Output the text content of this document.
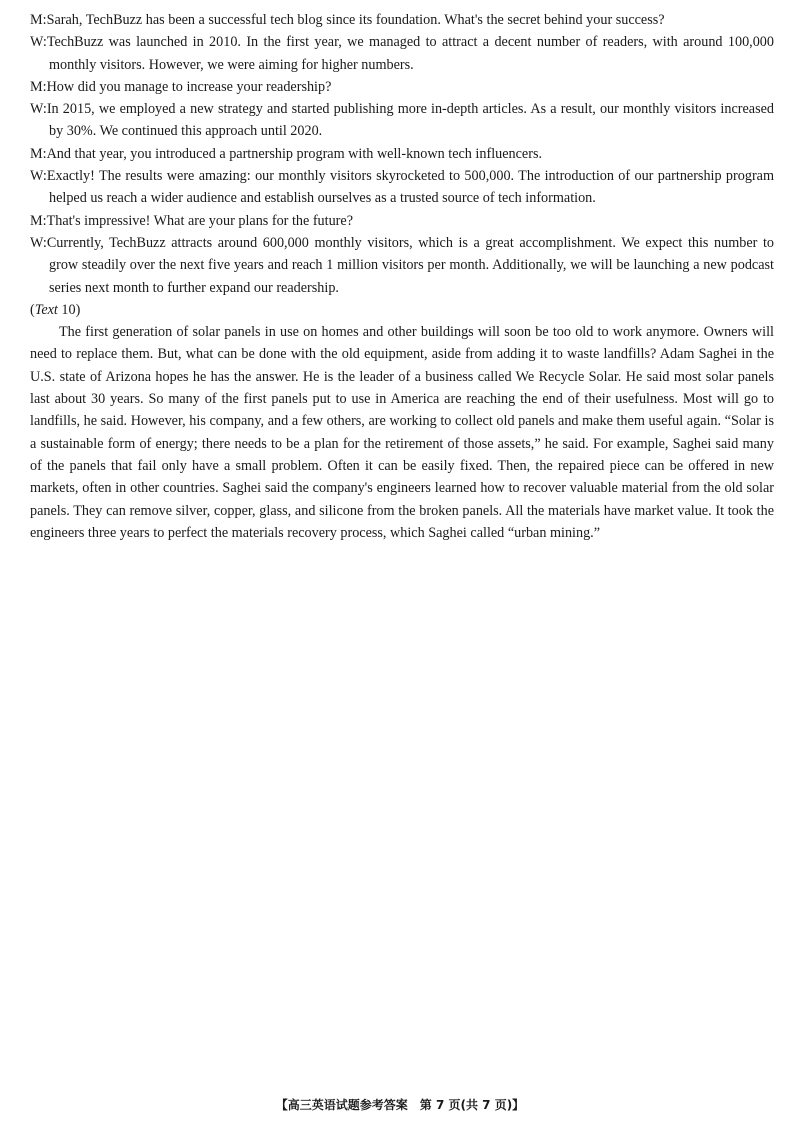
M:Sarah, TechBuzz has been a successful tech blog since its foundation. What's the secret behind your success?

W:TechBuzz was launched in 2010. In the first year, we managed to attract a decent number of readers, with around 100,000 monthly visitors. However, we were aiming for higher numbers.

M:How did you manage to increase your readership?

W:In 2015, we employed a new strategy and started publishing more in-depth articles. As a result, our monthly visitors increased by 30%. We continued this approach until 2020.

M:And that year, you introduced a partnership program with well-known tech influencers.

W:Exactly! The results were amazing: our monthly visitors skyrocketed to 500,000. The introduction of our partnership program helped us reach a wider audience and establish ourselves as a trusted source of tech information.

M:That's impressive! What are your plans for the future?

W:Currently, TechBuzz attracts around 600,000 monthly visitors, which is a great accomplishment. We expect this number to grow steadily over the next five years and reach 1 million visitors per month. Additionally, we will be launching a new podcast series next month to further expand our readership.

(Text 10)

The first generation of solar panels in use on homes and other buildings will soon be too old to work anymore. Owners will need to replace them. But, what can be done with the old equipment, aside from adding it to waste landfills? Adam Saghei in the U.S. state of Arizona hopes he has the answer. He is the leader of a business called We Recycle Solar. He said most solar panels last about 30 years. So many of the first panels put to use in America are reaching the end of their usefulness. Most will go to landfills, he said. However, his company, and a few others, are working to collect old panels and make them useful again. “Solar is a sustainable form of energy; there needs to be a plan for the retirement of those assets,” he said. For example, Saghei said many of the panels that fail only have a small problem. Often it can be easily fixed. Then, the repaired piece can be offered in new markets, often in other countries. Saghei said the company's engineers learned how to recover valuable material from the old solar panels. They can remove silver, copper, glass, and silicone from the broken panels. All the materials have market value. It took the engineers three years to perfect the materials recovery process, which Saghei called “urban mining.”

【高三英语试题参考答案　第 7 页(共 7 页)】
